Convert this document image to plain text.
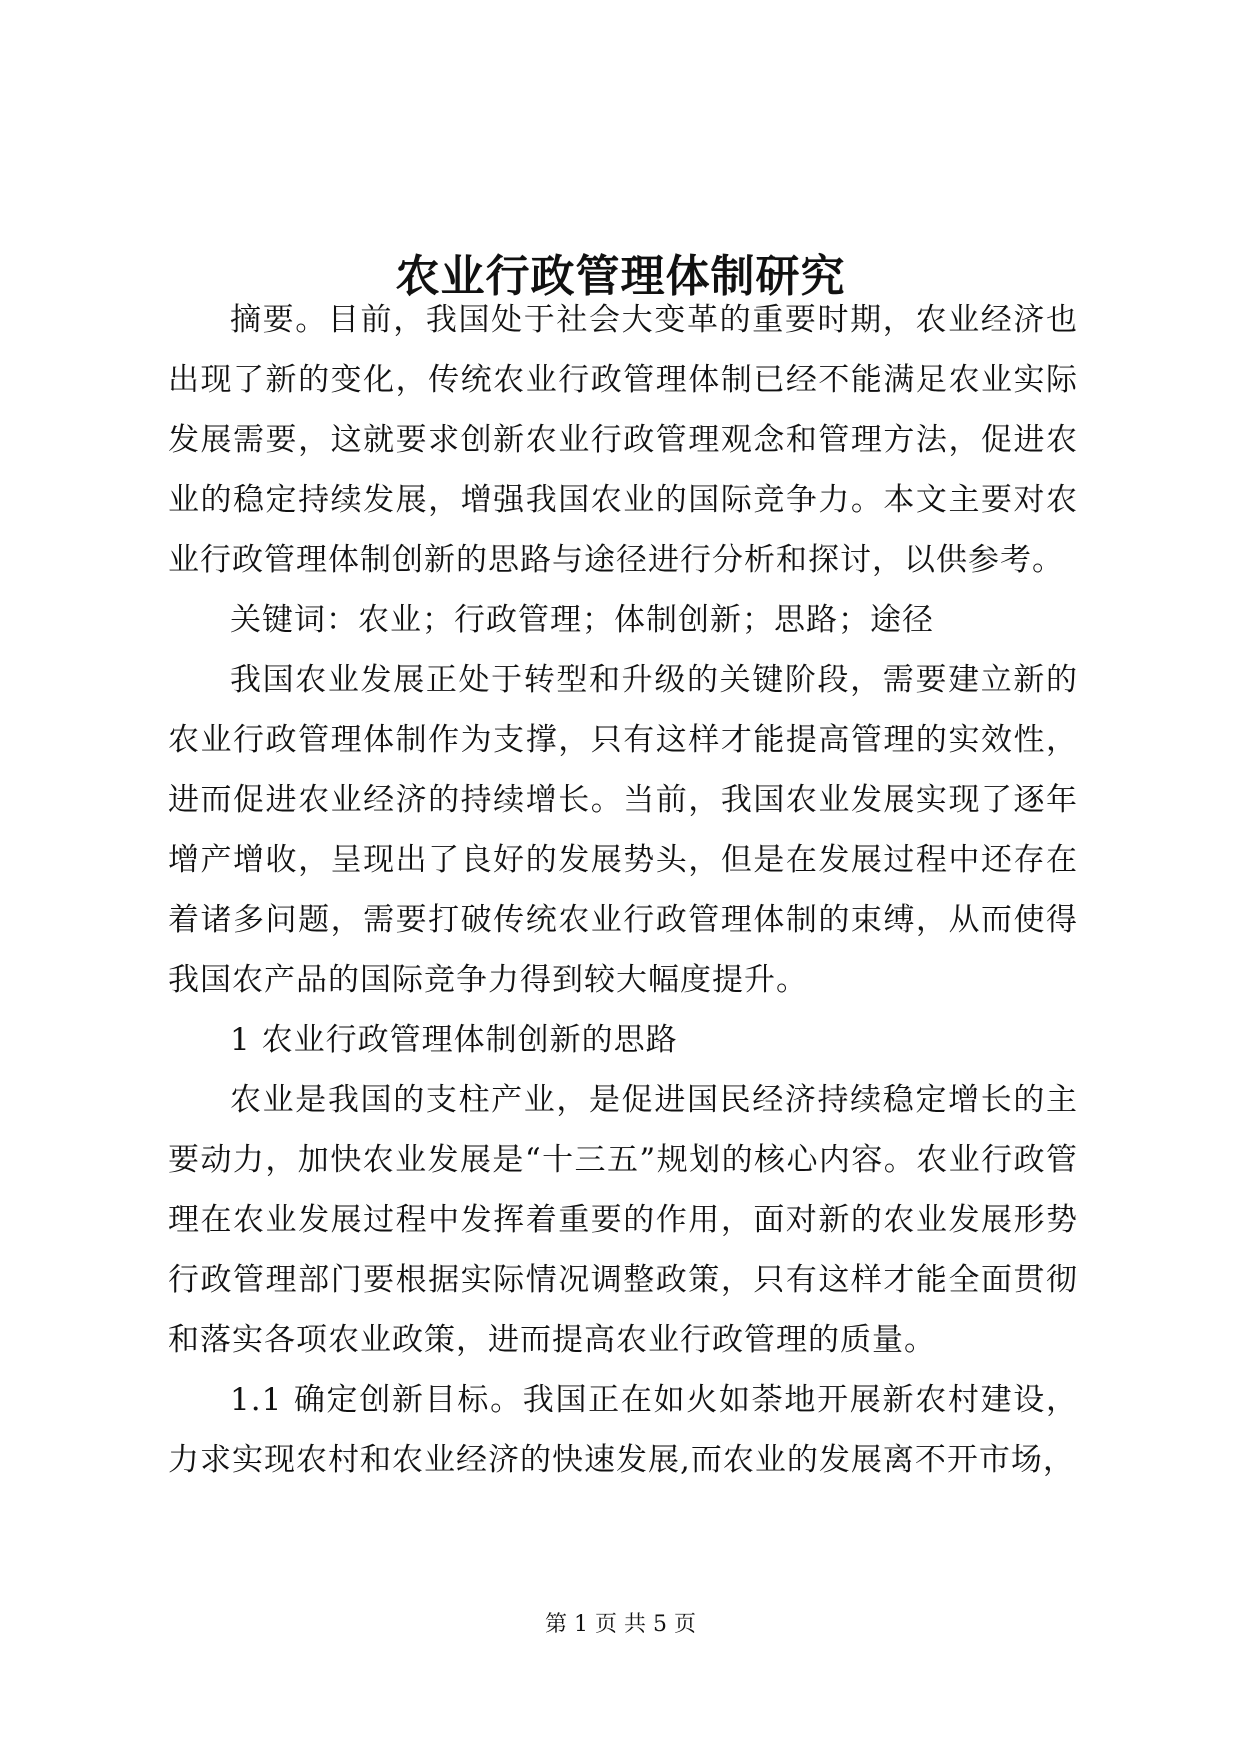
农业行政管理体制研究

摘要。目前，我国处于社会大变革的重要时期，农业经济也出现了新的变化，传统农业行政管理体制已经不能满足农业实际发展需要，这就要求创新农业行政管理观念和管理方法，促进农业的稳定持续发展，增强我国农业的国际竞争力。本文主要对农业行政管理体制创新的思路与途径进行分析和探讨，以供参考。

关键词：农业；行政管理；体制创新；思路；途径

我国农业发展正处于转型和升级的关键阶段，需要建立新的农业行政管理体制作为支撑，只有这样才能提高管理的实效性，进而促进农业经济的持续增长。当前，我国农业发展实现了逐年增产增收，呈现出了良好的发展势头，但是在发展过程中还存在着诸多问题，需要打破传统农业行政管理体制的束缚，从而使得我国农产品的国际竞争力得到较大幅度提升。

1 农业行政管理体制创新的思路

农业是我国的支柱产业，是促进国民经济持续稳定增长的主要动力，加快农业发展是“十三五”规划的核心内容。农业行政管理在农业发展过程中发挥着重要的作用，面对新的农业发展形势行政管理部门要根据实际情况调整政策，只有这样才能全面贯彻和落实各项农业政策，进而提高农业行政管理的质量。

1.1 确定创新目标。我国正在如火如荼地开展新农村建设，力求实现农村和农业经济的快速发展,而农业的发展离不开市场，

第 1 页 共 5 页
